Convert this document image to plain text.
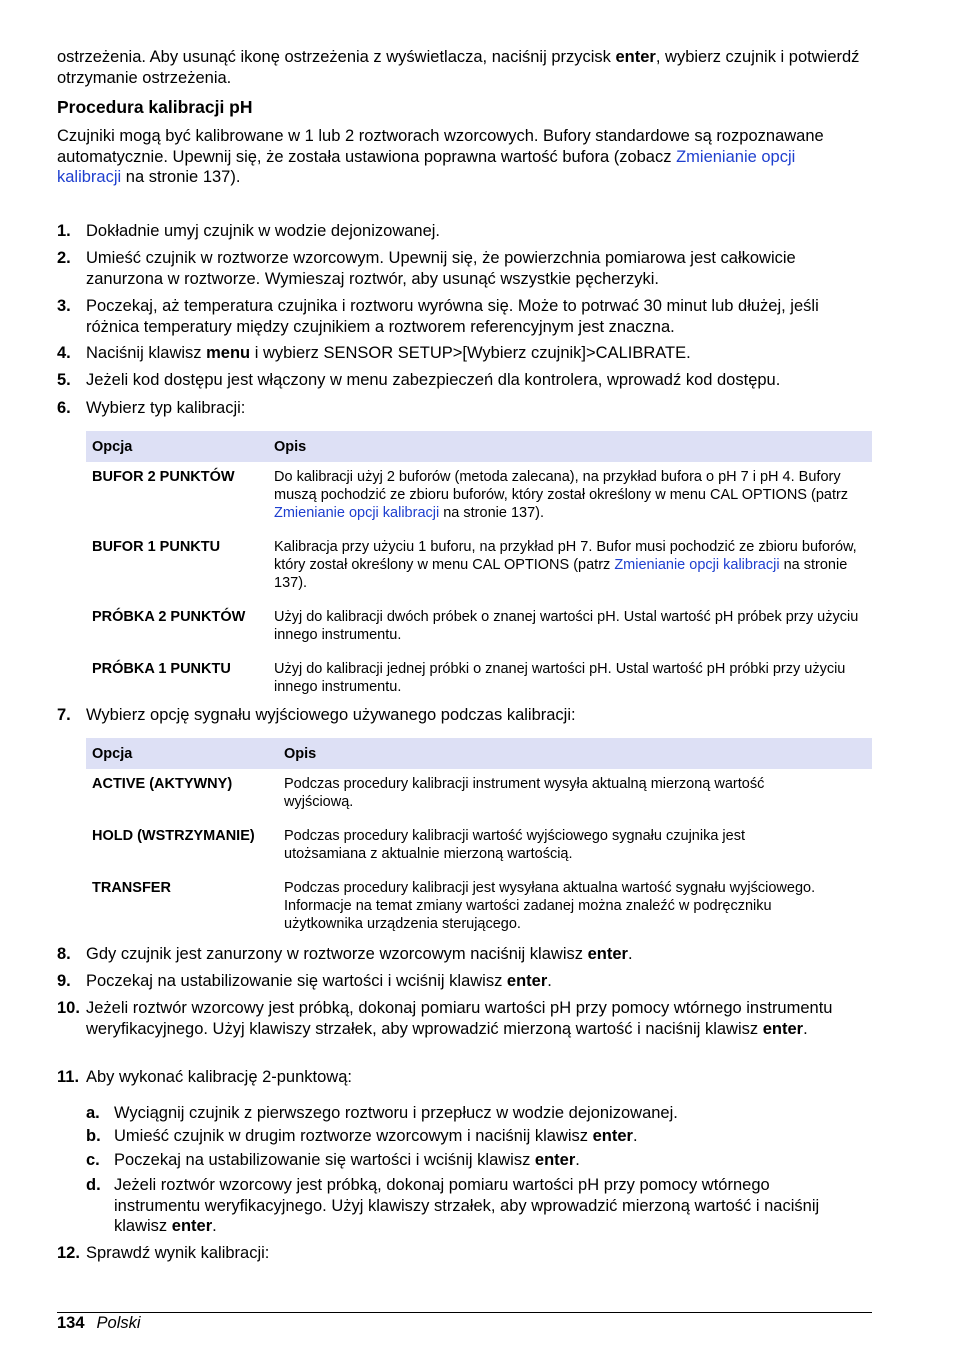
ostrzeżenia. Aby usunąć ikonę ostrzeżenia z wyświetlacza, naciśnij przycisk enter, wybierz czujnik i potwierdź otrzymanie ostrzeżenia.

Procedura kalibracji pH

Czujniki mogą być kalibrowane w 1 lub 2 roztworach wzorcowych. Bufory standardowe są rozpoznawane automatycznie. Upewnij się, że została ustawiona poprawna wartość bufora (zobacz Zmienianie opcji kalibracji na stronie 137).

1. Dokładnie umyj czujnik w wodzie dejonizowanej.
2. Umieść czujnik w roztworze wzorcowym. Upewnij się, że powierzchnia pomiarowa jest całkowicie zanurzona w roztworze. Wymieszaj roztwór, aby usunąć wszystkie pęcherzyki.
3. Poczekaj, aż temperatura czujnika i roztworu wyrówna się. Może to potrwać 30 minut lub dłużej, jeśli różnica temperatury między czujnikiem a roztworem referencyjnym jest znaczna.
4. Naciśnij klawisz menu i wybierz SENSOR SETUP>[Wybierz czujnik]>CALIBRATE.
5. Jeżeli kod dostępu jest włączony w menu zabezpieczeń dla kontrolera, wprowadź kod dostępu.
6. Wybierz typ kalibracji:
Opcja	Opis
BUFOR 2 PUNKTÓW	Do kalibracji użyj 2 buforów (metoda zalecana), na przykład bufora o pH 7 i pH 4. Bufory muszą pochodzić ze zbioru buforów, który został określony w menu CAL OPTIONS (patrz Zmienianie opcji kalibracji na stronie 137).
BUFOR 1 PUNKTU	Kalibracja przy użyciu 1 buforu, na przykład pH 7. Bufor musi pochodzić ze zbioru buforów, który został określony w menu CAL OPTIONS (patrz Zmienianie opcji kalibracji na stronie 137).
PRÓBKA 2 PUNKTÓW	Użyj do kalibracji dwóch próbek o znanej wartości pH. Ustal wartość pH próbek przy użyciu innego instrumentu.
PRÓBKA 1 PUNKTU	Użyj do kalibracji jednej próbki o znanej wartości pH. Ustal wartość pH próbki przy użyciu innego instrumentu.
7. Wybierz opcję sygnału wyjściowego używanego podczas kalibracji:
Opcja	Opis
ACTIVE (AKTYWNY)	Podczas procedury kalibracji instrument wysyła aktualną mierzoną wartość wyjściową.
HOLD (WSTRZYMANIE)	Podczas procedury kalibracji wartość wyjściowego sygnału czujnika jest utożsamiana z aktualnie mierzoną wartością.
TRANSFER	Podczas procedury kalibracji jest wysyłana aktualna wartość sygnału wyjściowego. Informacje na temat zmiany wartości zadanej można znaleźć w podręczniku użytkownika urządzenia sterującego.
8. Gdy czujnik jest zanurzony w roztworze wzorcowym naciśnij klawisz enter.
9. Poczekaj na ustabilizowanie się wartości i wciśnij klawisz enter.
10. Jeżeli roztwór wzorcowy jest próbką, dokonaj pomiaru wartości pH przy pomocy wtórnego instrumentu weryfikacyjnego. Użyj klawiszy strzałek, aby wprowadzić mierzoną wartość i naciśnij klawisz enter.
11. Aby wykonać kalibrację 2-punktową:
a. Wyciągnij czujnik z pierwszego roztworu i przepłucz w wodzie dejonizowanej.
b. Umieść czujnik w drugim roztworze wzorcowym i naciśnij klawisz enter.
c. Poczekaj na ustabilizowanie się wartości i wciśnij klawisz enter.
d. Jeżeli roztwór wzorcowy jest próbką, dokonaj pomiaru wartości pH przy pomocy wtórnego instrumentu weryfikacyjnego. Użyj klawiszy strzałek, aby wprowadzić mierzoną wartość i naciśnij klawisz enter.
12. Sprawdź wynik kalibracji:
134 Polski
